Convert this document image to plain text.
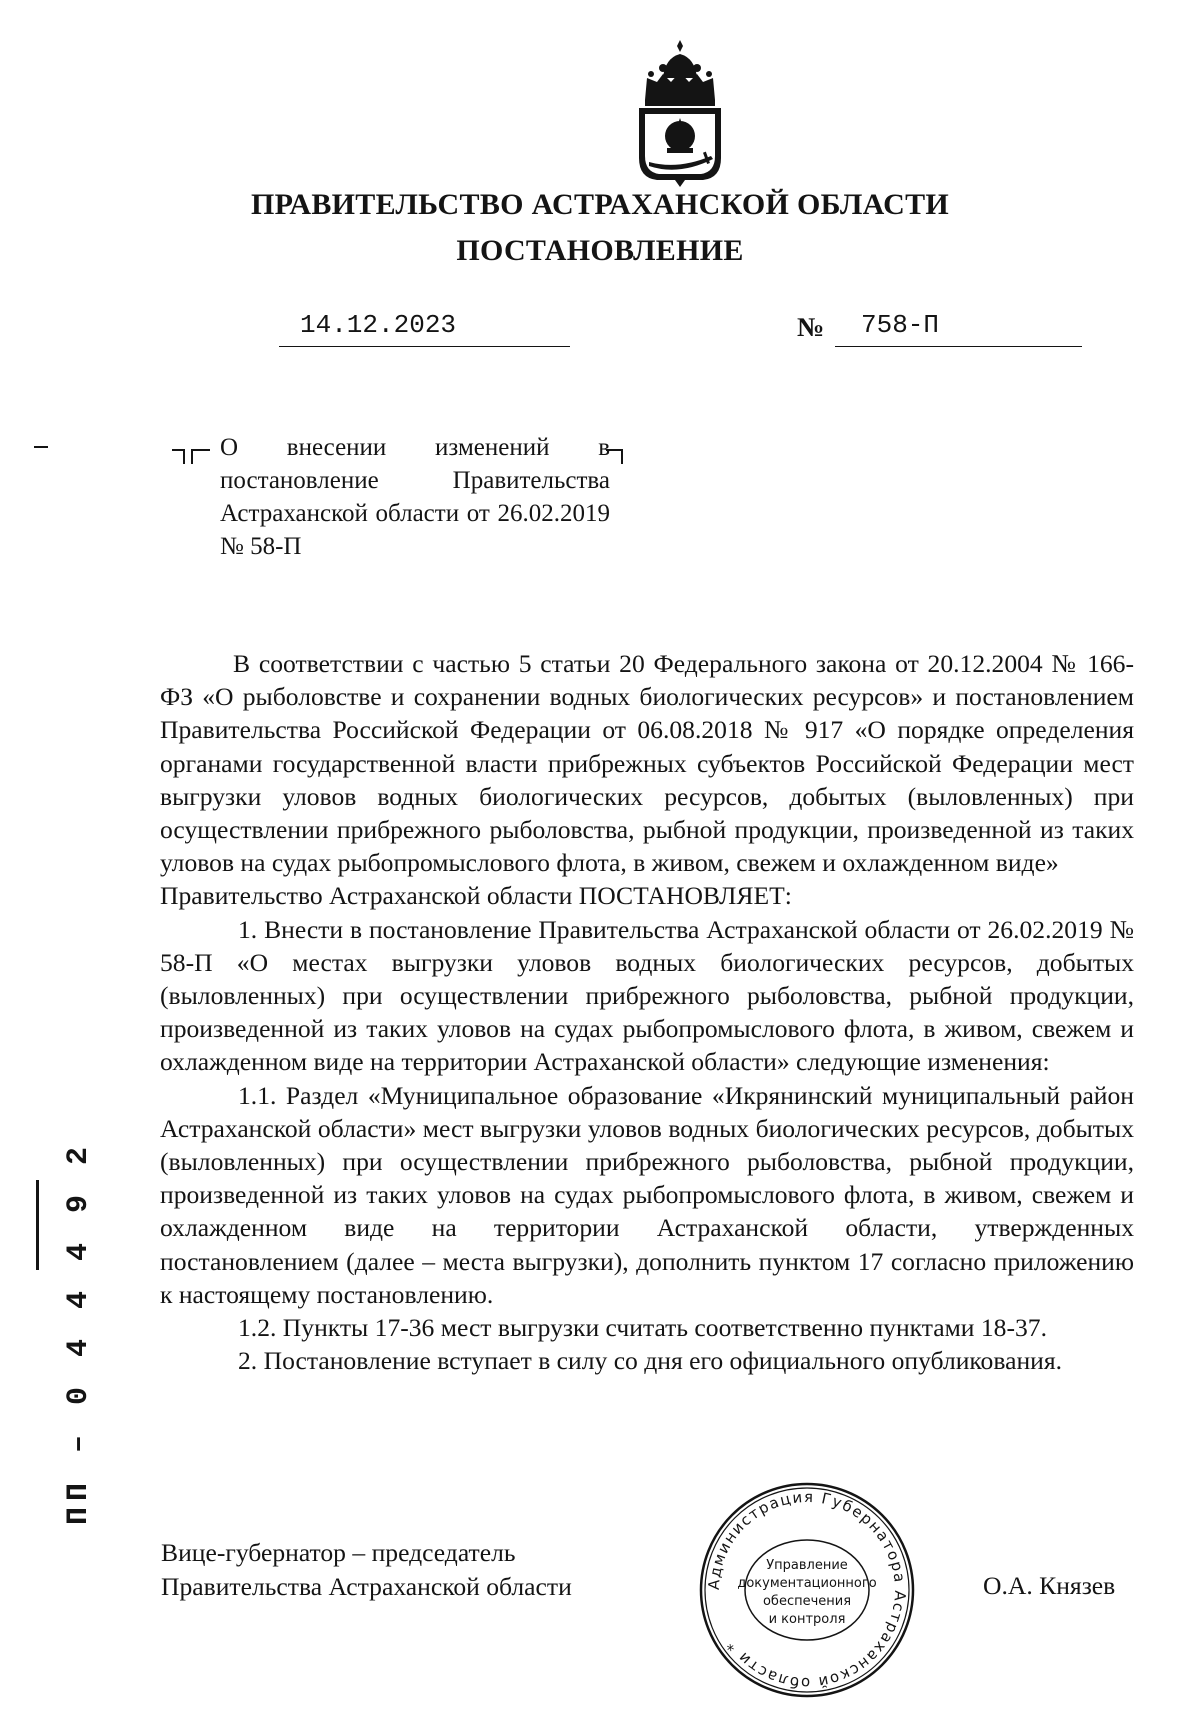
ПРАВИТЕЛЬСТВО АСТРАХАНСКОЙ ОБЛАСТИ
ПОСТАНОВЛЕНИЕ
14.12.2023	№ 758-П
О внесении изменений в постановление Правительства Астраханской области от 26.02.2019 № 58-П

В соответствии с частью 5 статьи 20 Федерального закона от 20.12.2004 № 166-ФЗ «О рыболовстве и сохранении водных биологических ресурсов» и постановлением Правительства Российской Федерации от 06.08.2018 № 917 «О порядке определения органами государственной власти прибрежных субъектов Российской Федерации мест выгрузки уловов водных биологических ресурсов, добытых (выловленных) при осуществлении прибрежного рыболовства, рыбной продукции, произведенной из таких уловов на судах рыбопромыслового флота, в живом, свежем и охлажденном виде»

Правительство Астраханской области ПОСТАНОВЛЯЕТ:

1. Внести в постановление Правительства Астраханской области от 26.02.2019 № 58-П «О местах выгрузки уловов водных биологических ресурсов, добытых (выловленных) при осуществлении прибрежного рыболовства, рыбной продукции, произведенной из таких уловов на судах рыбопромыслового флота, в живом, свежем и охлажденном виде на территории Астраханской области» следующие изменения:

1.1. Раздел «Муниципальное образование «Икрянинский муниципальный район Астраханской области» мест выгрузки уловов водных биологических ресурсов, добытых (выловленных) при осуществлении прибрежного рыболовства, рыбной продукции, произведенной из таких уловов на судах рыбопромыслового флота, в живом, свежем и охлажденном виде на территории Астраханской области, утвержденных постановлением (далее – места выгрузки), дополнить пунктом 17 согласно приложению к настоящему постановлению.

1.2. Пункты 17-36 мест выгрузки считать соответственно пунктами 18-37.

2. Постановление вступает в силу со дня его официального опубликования.

Вице-губернатор – председатель
Правительства Астраханской области	О.А. Князев
Администрация Губернатора Астраханской области *
Управление
документационного
обеспечения
и контроля
ПП – 0 4 4 4 9 2
